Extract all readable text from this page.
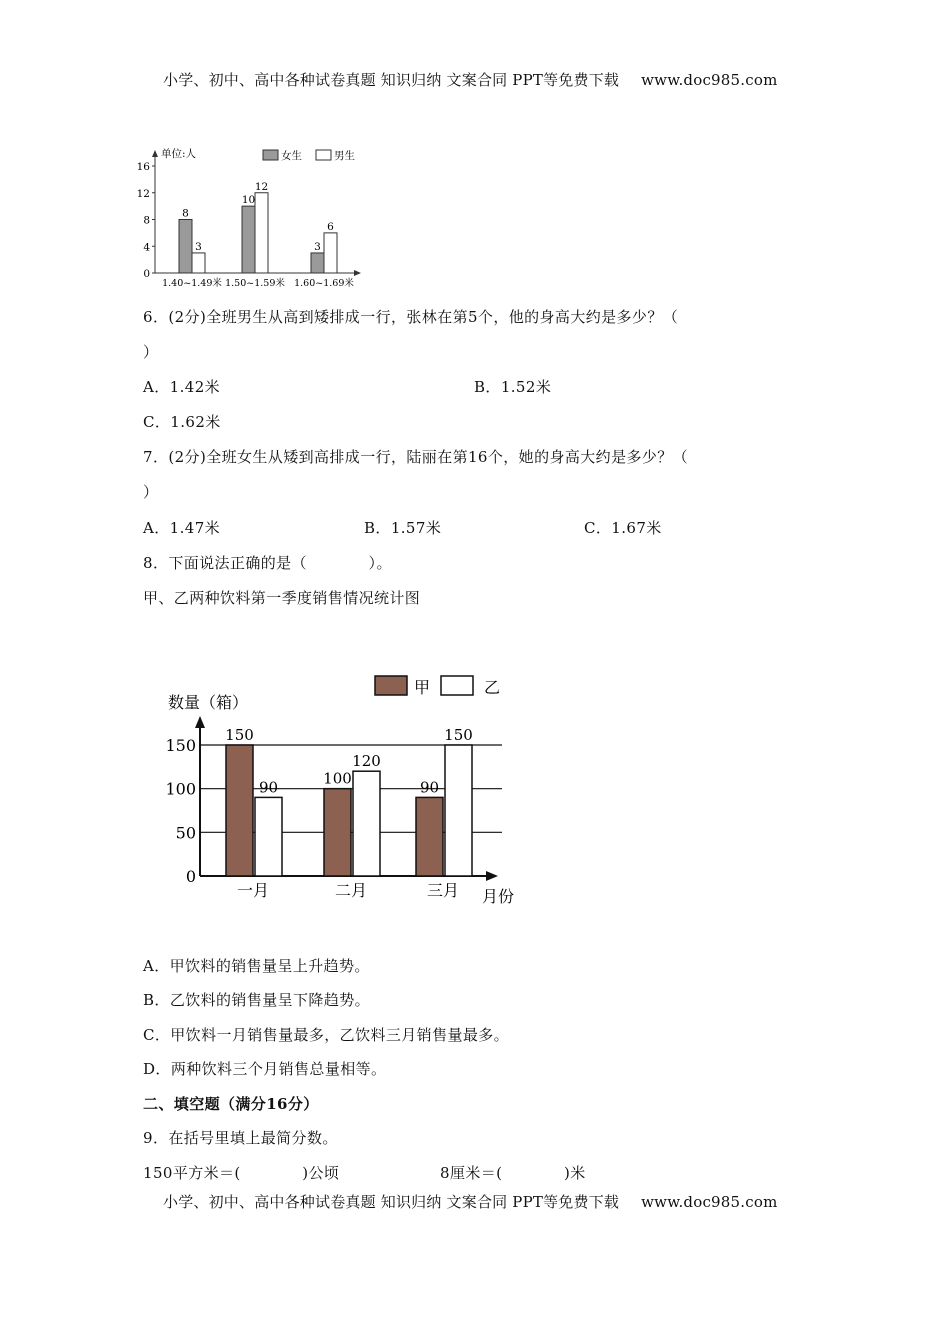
小学、初中、高中各种试卷真题 知识归纳 文案合同 PPT等免费下载 www.doc985.com
单位:人	女生	男生
0
4
8
12
16
8
3
1.40~1.49米
10
12
1.50~1.59米
3
6
1.60~1.69米
6．(2分)全班男生从高到矮排成一行，张林在第5个，他的身高大约是多少？（
）
A．1.42米	B．1.52米
C．1.62米
7．(2分)全班女生从矮到高排成一行，陆丽在第16个，她的身高大约是多少？（
）
A．1.47米	B．1.57米	C．1.67米
8．下面说法正确的是（　　　　）。
甲、乙两种饮料第一季度销售情况统计图
甲	乙
数量（箱）
月份
0
50
100
150
150
90
一月
100
120
二月
90
150
三月
A．甲饮料的销售量呈上升趋势。
B．乙饮料的销售量呈下降趋势。
C．甲饮料一月销售量最多，乙饮料三月销售量最多。
D．两种饮料三个月销售总量相等。
二、填空题（满分16分）
9．在括号里填上最简分数。
150平方米＝(　　　　)公顷	8厘米＝(　　　　)米
小学、初中、高中各种试卷真题 知识归纳 文案合同 PPT等免费下载 www.doc985.com
